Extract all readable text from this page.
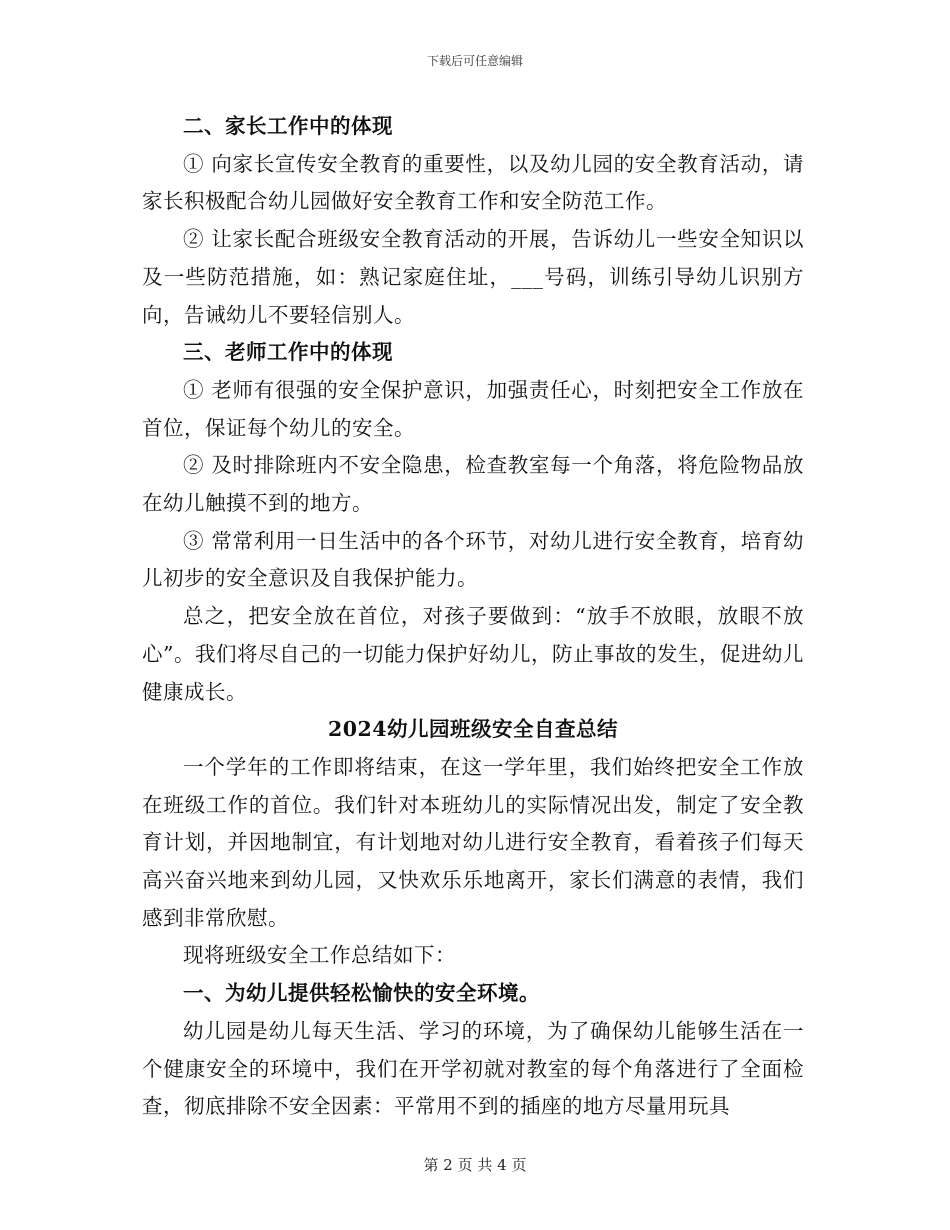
下载后可任意编辑

二、家长工作中的体现

① 向家长宣传安全教育的重要性，以及幼儿园的安全教育活动，请家长积极配合幼儿园做好安全教育工作和安全防范工作。

② 让家长配合班级安全教育活动的开展，告诉幼儿一些安全知识以及一些防范措施，如：熟记家庭住址，___号码，训练引导幼儿识别方向，告诫幼儿不要轻信别人。

三、老师工作中的体现

① 老师有很强的安全保护意识，加强责任心，时刻把安全工作放在首位，保证每个幼儿的安全。

② 及时排除班内不安全隐患，检查教室每一个角落，将危险物品放在幼儿触摸不到的地方。

③ 常常利用一日生活中的各个环节，对幼儿进行安全教育，培育幼儿初步的安全意识及自我保护能力。

总之，把安全放在首位，对孩子要做到：“放手不放眼，放眼不放心”。我们将尽自己的一切能力保护好幼儿，防止事故的发生，促进幼儿健康成长。

2024幼儿园班级安全自查总结

一个学年的工作即将结束，在这一学年里，我们始终把安全工作放在班级工作的首位。我们针对本班幼儿的实际情况出发，制定了安全教育计划，并因地制宜，有计划地对幼儿进行安全教育，看着孩子们每天高兴奋兴地来到幼儿园，又快欢乐乐地离开，家长们满意的表情，我们感到非常欣慰。

现将班级安全工作总结如下：

一、为幼儿提供轻松愉快的安全环境。

幼儿园是幼儿每天生活、学习的环境，为了确保幼儿能够生活在一个健康安全的环境中，我们在开学初就对教室的每个角落进行了全面检查，彻底排除不安全因素：平常用不到的插座的地方尽量用玩具

第 2 页 共 4 页
